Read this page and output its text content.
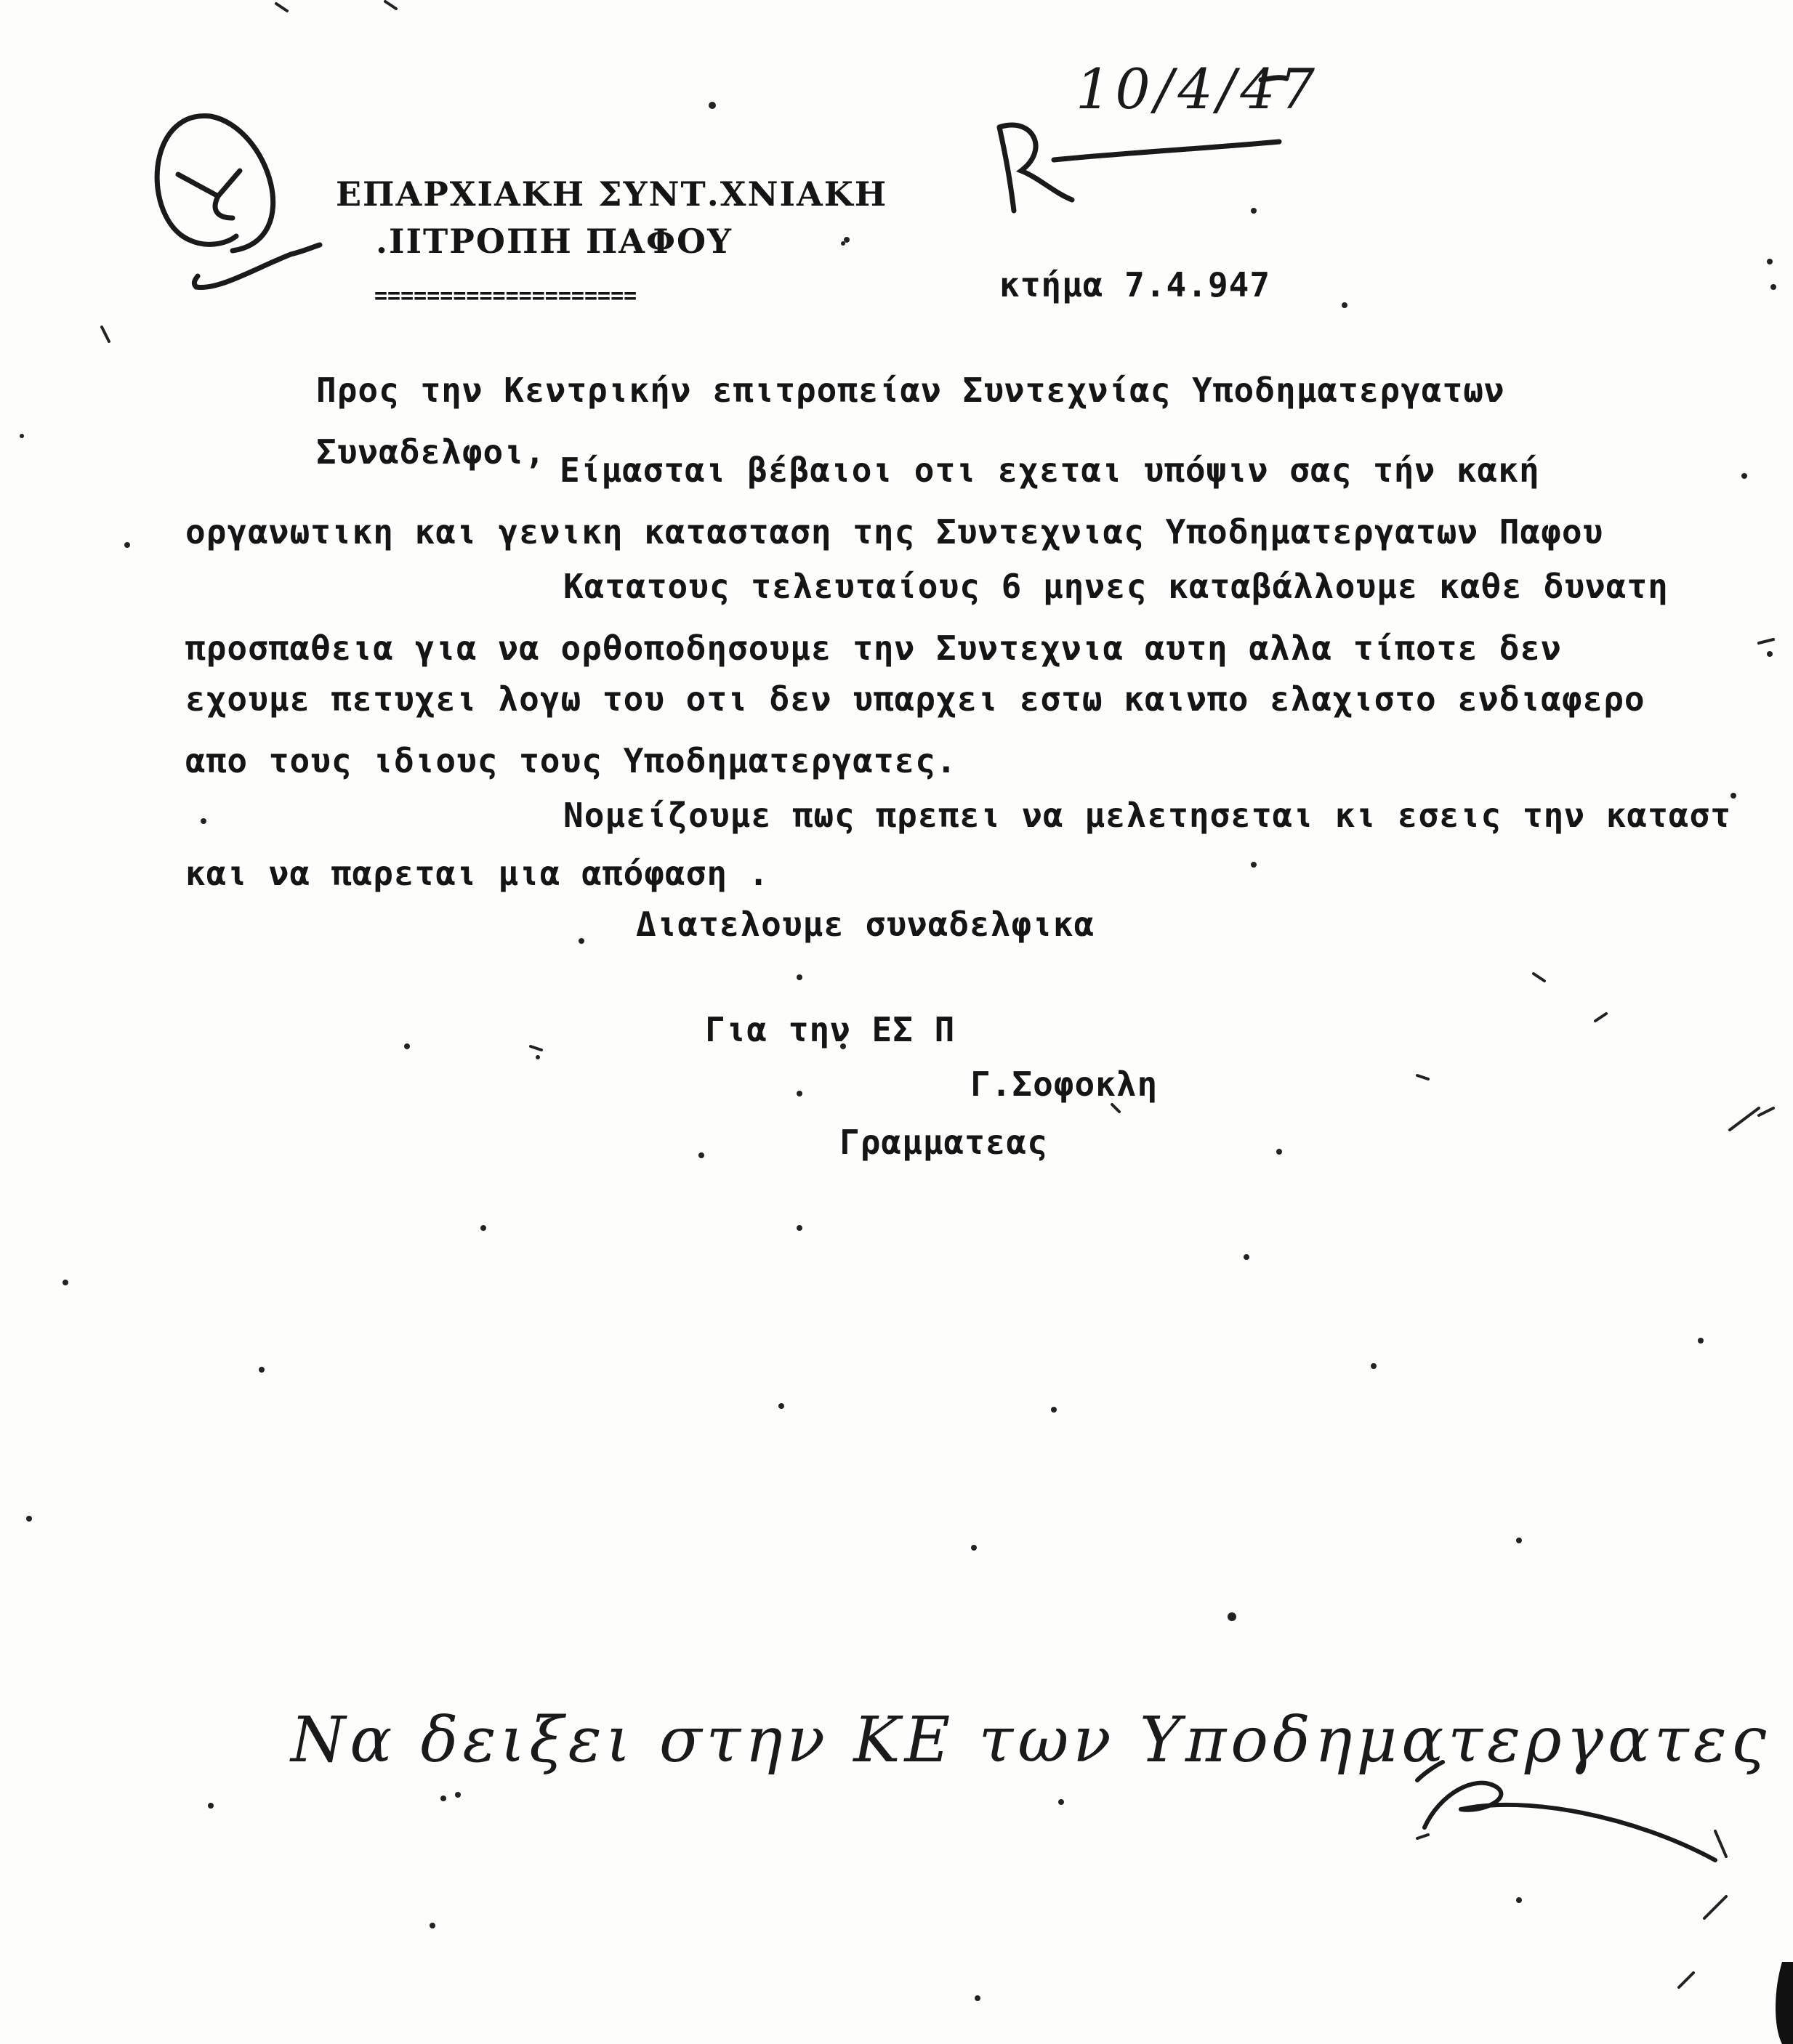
ΕΠΑΡΧΙΑΚΗ ΣΥΝΤ.ΧΝΙΑΚΗ
.ΙΙΤΡΟΠΗ ΠΑΦΟΥ
====================
10/4/47
κτήμα 7.4.947
Προς την Κεντρικήν επιτροπείαν Συντεχνίας Υποδηματεργατων
Συναδελφοι, Είμασται βέβαιοι οτι εχεται υπόψιν σας τήν κακή
οργανωτικη και γενικη κατασταση της Συντεχνιας Υποδηματεργατων Παφου
Κατατους τελευταίους 6 μηνες καταβάλλουμε καθε δυνατη
προσπαθεια για να ορθοποδησουμε την Συντεχνια αυτη αλλα τίποτε δεν
εχουμε πετυχει λογω του οτι δεν υπαρχει εστω καινπο ελαχιστο ενδιαφερο
απο τους ιδιους τους Υποδηματεργατες.
Νομείζουμε πως πρεπει να μελετησεται κι εσεις την καταστ
και να παρεται μια απόφαση .
Διατελουμε συναδελφικα
Για την ΕΣ Π
Γ.Σοφοκλη
Γραμματεας
Να δειξει στην ΚΕ των Υποδηματεργατες
